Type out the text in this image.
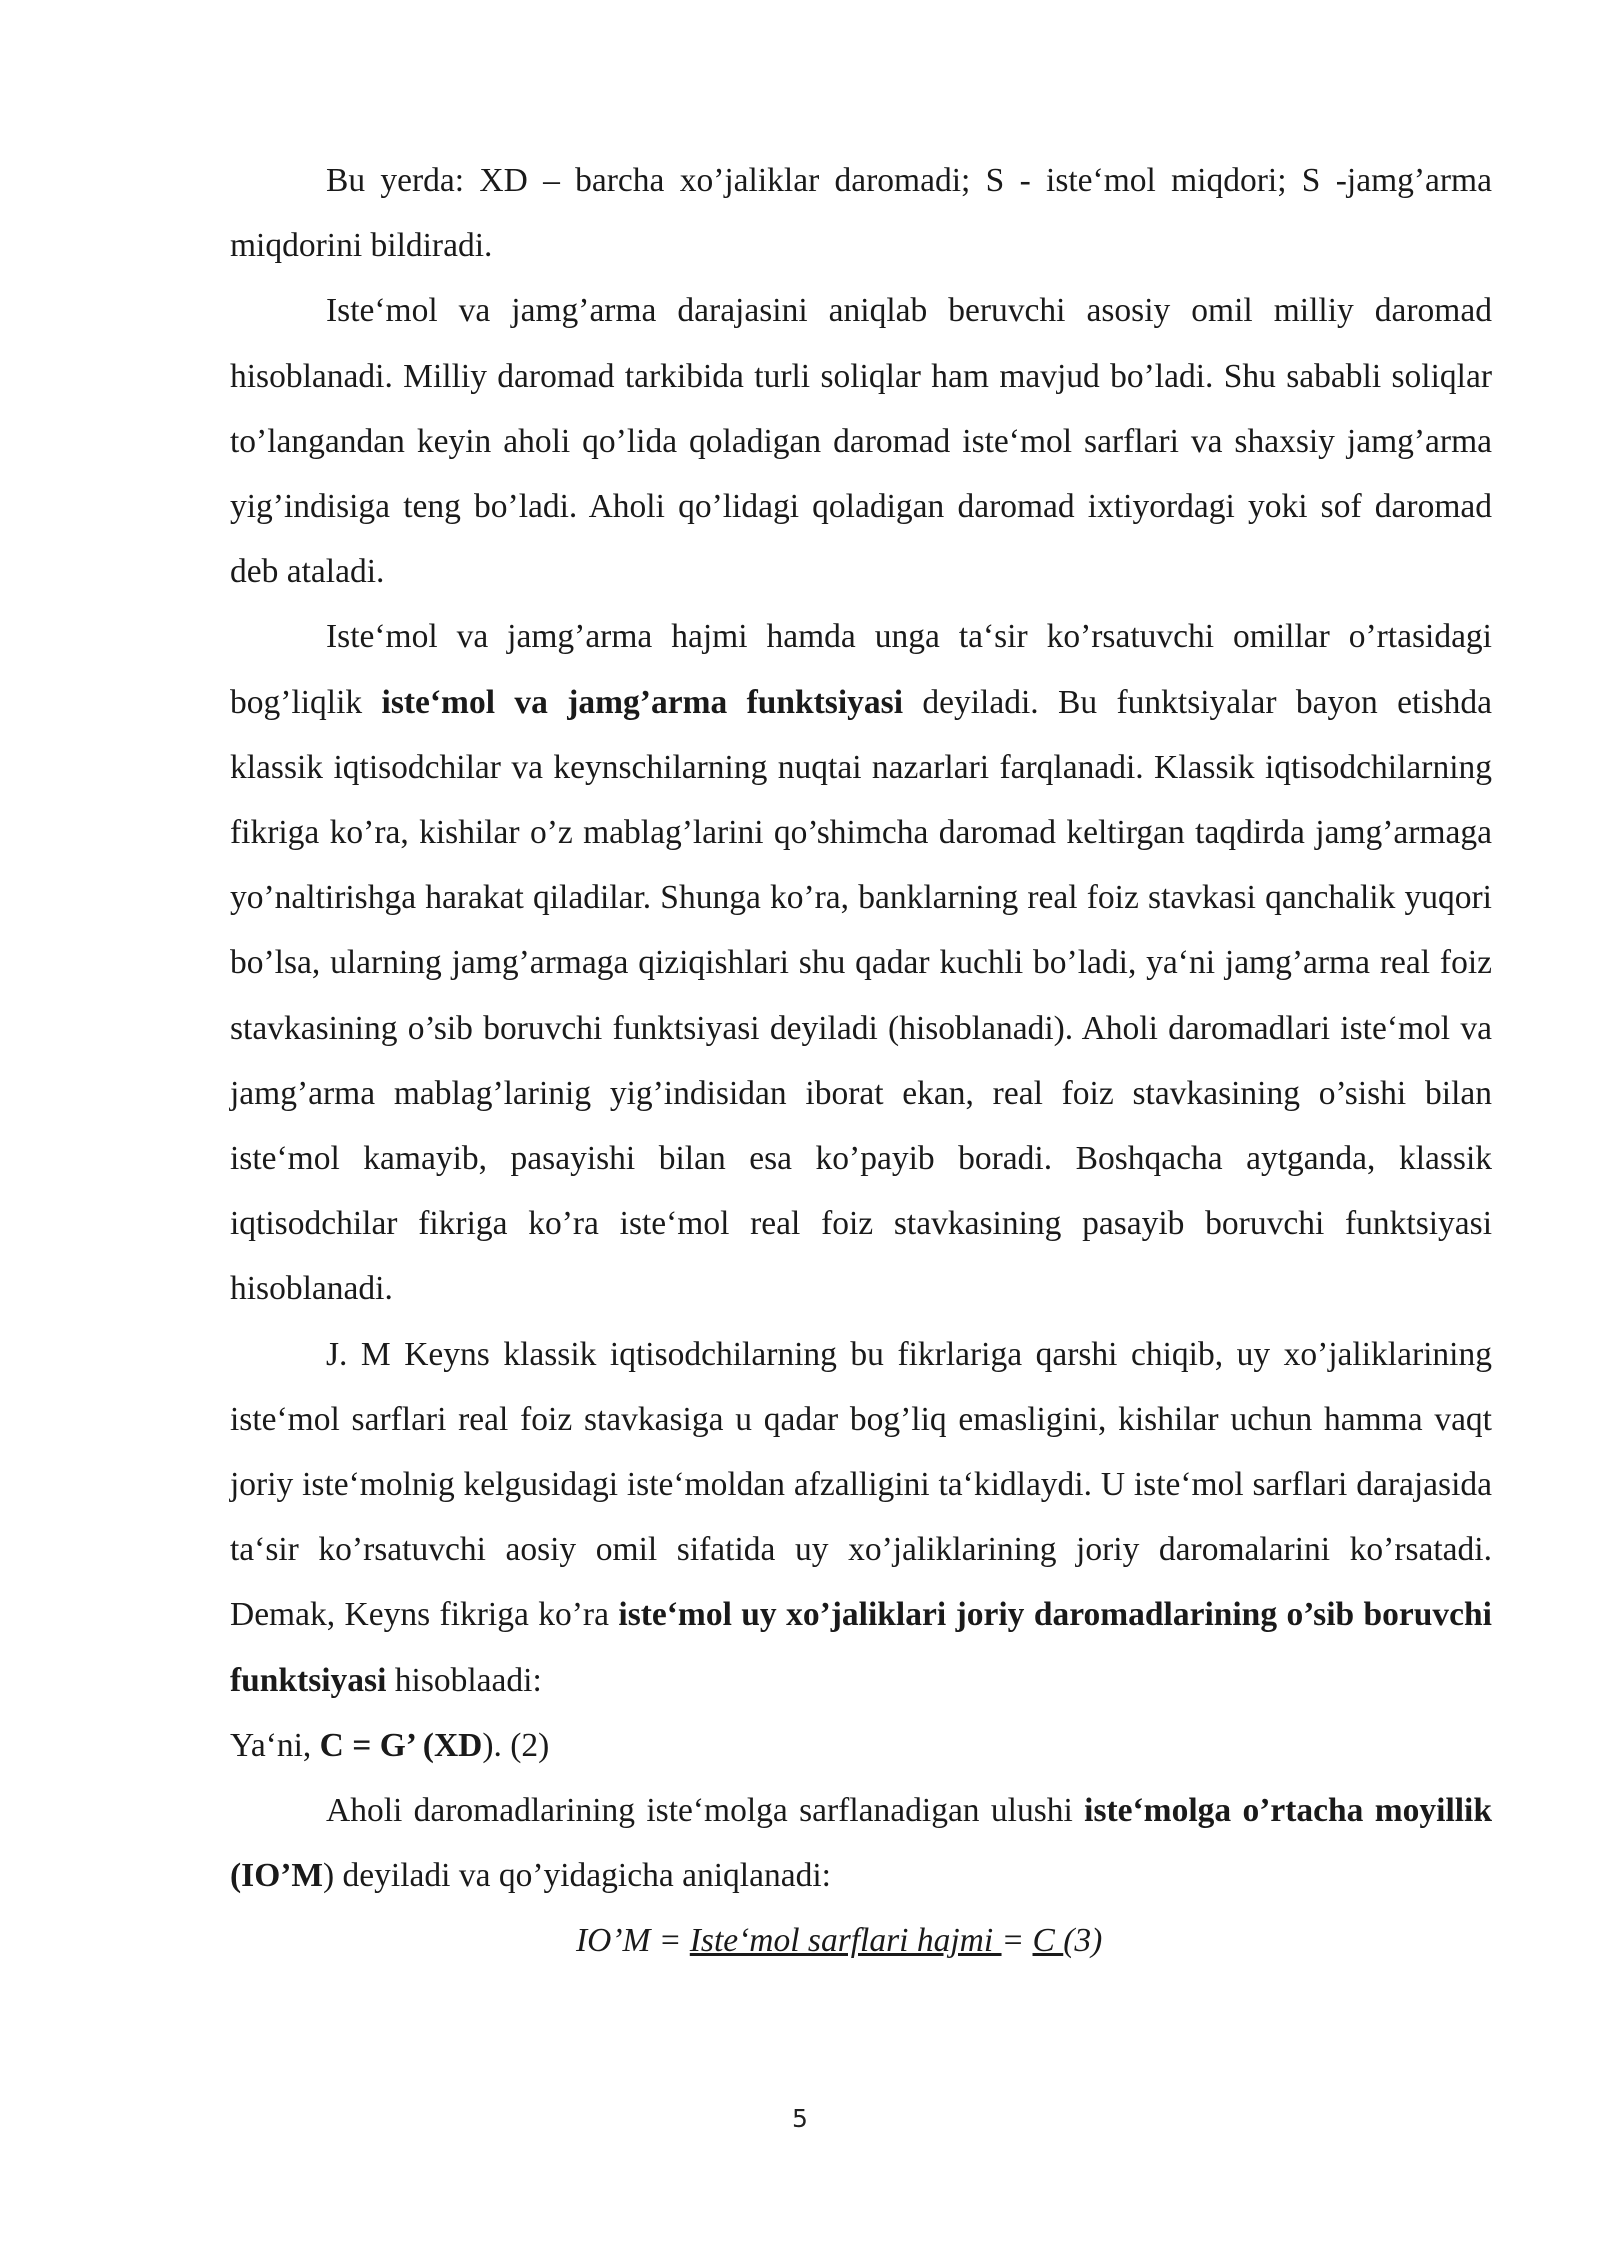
Bu yerda: XD – barcha xo’jaliklar daromadi; S - iste‘mol miqdori; S -jamg’arma miqdorini bildiradi.

Iste‘mol va jamg’arma darajasini aniqlab beruvchi asosiy omil milliy daromad hisoblanadi. Milliy daromad tarkibida turli soliqlar ham mavjud bo’ladi. Shu sababli soliqlar to’langandan keyin aholi qo’lida qoladigan daromad iste‘mol sarflari va shaxsiy jamg’arma yig’indisiga teng bo’ladi. Aholi qo’lidagi qoladigan daromad ixtiyordagi yoki sof daromad deb ataladi.

Iste‘mol va jamg’arma hajmi hamda unga ta‘sir ko’rsatuvchi omillar o’rtasidagi bog’liqlik iste‘mol va jamg’arma funktsiyasi deyiladi. Bu funktsiyalar bayon etishda klassik iqtisodchilar va keynschilarning nuqtai nazarlari farqlanadi. Klassik iqtisodchilarning fikriga ko’ra, kishilar o’z mablag’larini qo’shimcha daromad keltirgan taqdirda jamg’armaga yo’naltirishga harakat qiladilar. Shunga ko’ra, banklarning real foiz stavkasi qanchalik yuqori bo’lsa, ularning jamg’armaga qiziqishlari shu qadar kuchli bo’ladi, ya‘ni jamg’arma real foiz stavkasining o’sib boruvchi funktsiyasi deyiladi (hisoblanadi). Aholi daromadlari iste‘mol va jamg’arma mablag’larinig yig’indisidan iborat ekan, real foiz stavkasining o’sishi bilan iste‘mol kamayib, pasayishi bilan esa ko’payib boradi. Boshqacha aytganda, klassik iqtisodchilar fikriga ko’ra iste‘mol real foiz stavkasining pasayib boruvchi funktsiyasi hisoblanadi.

J. M Keyns klassik iqtisodchilarning bu fikrlariga qarshi chiqib, uy xo’jaliklarining iste‘mol sarflari real foiz stavkasiga u qadar bog’liq emasligini, kishilar uchun hamma vaqt joriy iste‘molnig kelgusidagi iste‘moldan afzalligini ta‘kidlaydi. U iste‘mol sarflari darajasida ta‘sir ko’rsatuvchi aosiy omil sifatida uy xo’jaliklarining joriy daromalarini ko’rsatadi. Demak, Keyns fikriga ko’ra iste‘mol uy xo’jaliklari joriy daromadlarining o’sib boruvchi funktsiyasi hisoblaadi:

Ya‘ni, C = G’ (XD). (2)

Aholi daromadlarining iste‘molga sarflanadigan ulushi iste‘molga o’rtacha moyillik (IO’M) deyiladi va qo’yidagicha aniqlanadi:

IO’M = Iste‘mol sarflari hajmi = C (3)

5
